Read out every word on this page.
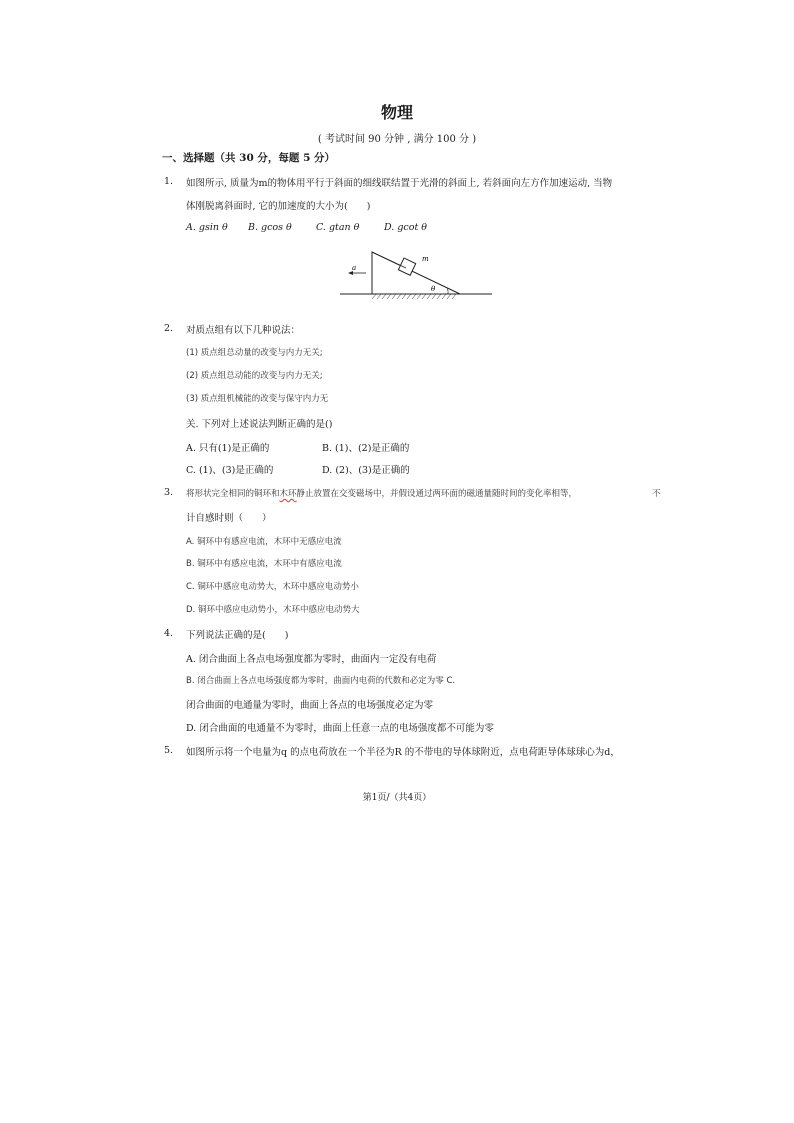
物理
( 考试时间 90 分钟 , 满分 100 分 )
一、选择题（共 30 分，每题 5 分）
1. 如图所示, 质量为m的物体用平行于斜面的细线联结置于光滑的斜面上, 若斜面向左方作加速运动, 当物
体刚脱离斜面时, 它的加速度的大小为(　　)
A. gsin θ B. gcos θ	C. gtan θ	D. gcot θ
a
m
θ
2. 对质点组有以下几种说法：
(1) 质点组总动量的改变与内力无关;
(2) 质点组总动能的改变与内力无关;
(3) 质点组机械能的改变与保守内力无
关. 下列对上述说法判断正确的是()
A. 只有(1)是正确的	B. (1)、(2)是正确的
C. (1)、(3)是正确的	D. (2)、(3)是正确的
3. 将形状完全相同的铜环和木环静止放置在交变磁场中，并假设通过两环面的磁通量随时间的变化率相等，	不
计自感时则（　　）
A. 铜环中有感应电流，木环中无感应电流
B. 铜环中有感应电流，木环中有感应电流
C. 铜环中感应电动势大，木环中感应电动势小
D. 铜环中感应电动势小，木环中感应电动势大
4. 下列说法正确的是(　　)
A. 闭合曲面上各点电场强度都为零时，曲面内一定没有电荷
B. 闭合曲面上各点电场强度都为零时，曲面内电荷的代数和必定为零 C.
闭合曲面的电通量为零时，曲面上各点的电场强度必定为零
D. 闭合曲面的电通量不为零时，曲面上任意一点的电场强度都不可能为零
5. 如图所示将一个电量为q 的点电荷放在一个半径为R 的不带电的导体球附近，点电荷距导体球球心为d，
第1页/（共4页）
